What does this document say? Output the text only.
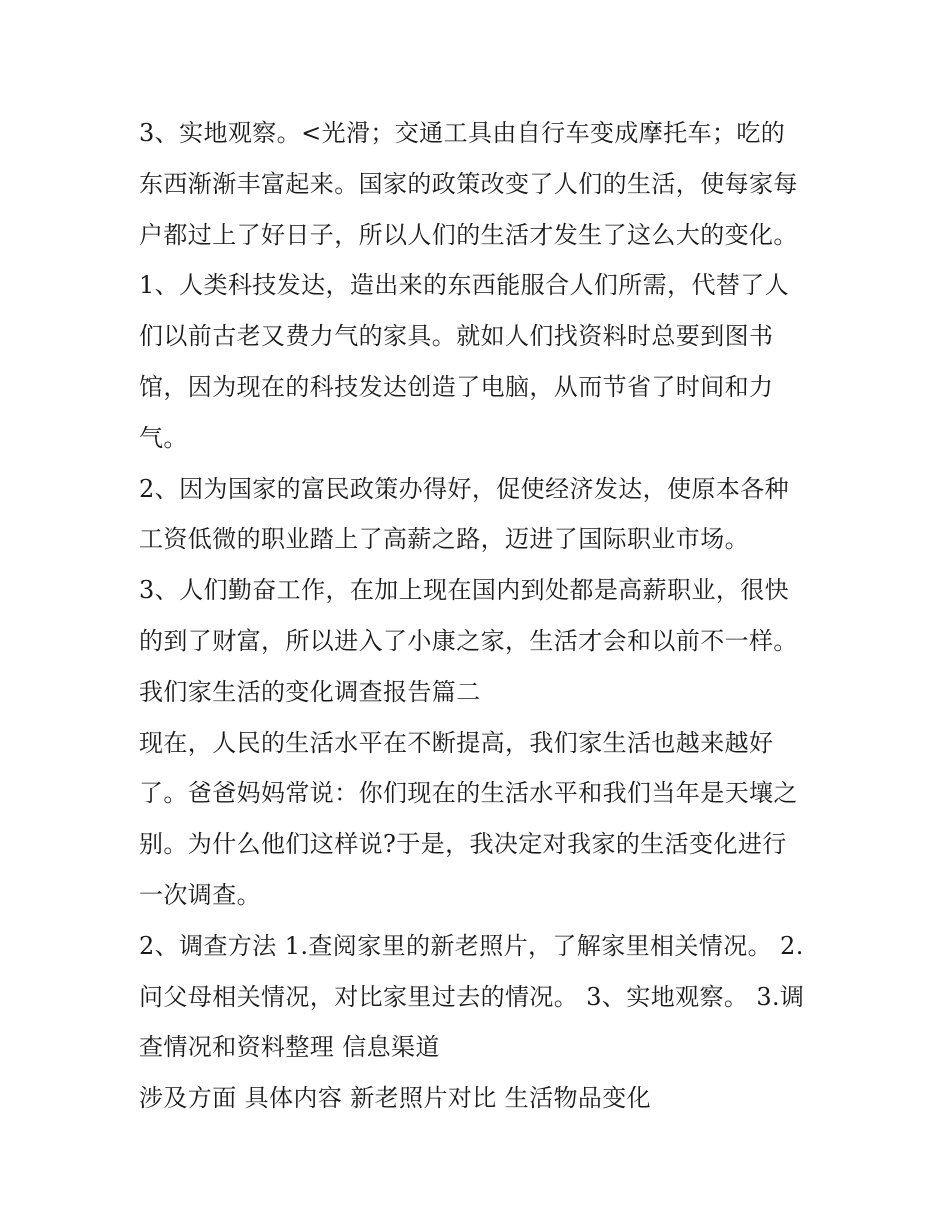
3、实地观察。<光滑；交通工具由自行车变成摩托车；吃的
东西渐渐丰富起来。国家的政策改变了人们的生活，使每家每
户都过上了好日子，所以人们的生活才发生了这么大的变化。
1、人类科技发达，造出来的东西能服合人们所需，代替了人
们以前古老又费力气的家具。就如人们找资料时总要到图书
馆，因为现在的科技发达创造了电脑，从而节省了时间和力
气。
2、因为国家的富民政策办得好，促使经济发达，使原本各种
工资低微的职业踏上了高薪之路，迈进了国际职业市场。
3、人们勤奋工作，在加上现在国内到处都是高薪职业，很快
的到了财富，所以进入了小康之家，生活才会和以前不一样。
我们家生活的变化调查报告篇二
现在，人民的生活水平在不断提高，我们家生活也越来越好
了。爸爸妈妈常说：你们现在的生活水平和我们当年是天壤之
别。为什么他们这样说?于是，我决定对我家的生活变化进行
一次调查。
2、调查方法 1.查阅家里的新老照片，了解家里相关情况。 2.
问父母相关情况，对比家里过去的情况。 3、实地观察。 3.调
查情况和资料整理 信息渠道
涉及方面 具体内容 新老照片对比 生活物品变化
